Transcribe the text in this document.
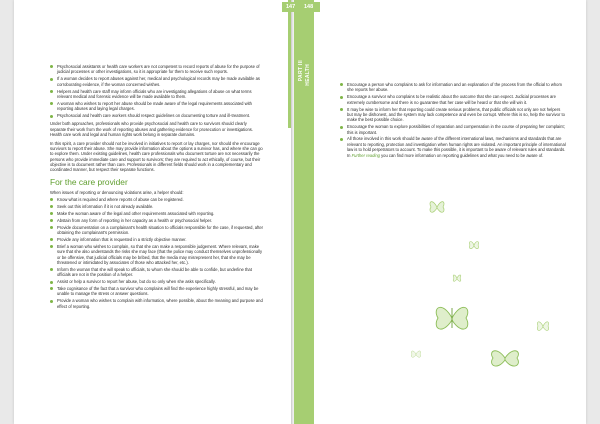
PART III HEALTH
147 148
Psychosocial assistants or health care workers are not competent to record reports of abuse for the purpose of judicial processes or other investigations, so it is appropriate for them to receive such reports.
If a woman decides to report abuses against her, medical and psychological records may be made available as corroborating evidence, if the woman concerned wishes.
Helpers and health care staff may inform officials who are investigating allegations of abuse on what terms relevant medical and forensic evidence will be made available to them.
A woman who wishes to report her abuse should be made aware of the legal requirements associated with reporting abuses and laying legal charges.
Psychosocial and health care workers should respect guidelines on documenting torture and ill-treatment.

Under both approaches, professionals who provide psychosocial and health care to survivors should clearly separate their work from the work of reporting abuses and gathering evidence for prosecution or investigations. Health care work and legal and human rights work belong in separate domains.

In this spirit, a care provider should not be involved in initiatives to report or lay charges, nor should she encourage survivors to report their abuse. She may provide information about the options a survivor has, and where she can go to explore them. Under existing guidelines, health care professionals who document torture are not necessarily the persons who provide immediate care and support to survivors; they are required to act ethically, of course, but their objective is to document rather than care. Professionals in different fields should work in a complementary and coordinated manner, but respect their separate functions.

For the care provider

When issues of reporting or denouncing violations arise, a helper should:

Know what is required and where reports of abuse can be registered.
Seek out this information if it is not already available.
Make the woman aware of the legal and other requirements associated with reporting.
Abstain from any form of reporting in her capacity as a health or psychosocial helper.
Provide documentation on a complainant's health situation to officials responsible for the case, if requested, after obtaining the complainant's permission.
Provide any information that is requested in a strictly objective manner.
Brief a woman who wishes to complain, so that she can make a responsible judgement. Where relevant, make sure that she also understands the risks she may face (that the police may conduct themselves unprofessionally or be offensive, that judicial officials may be bribed, that the media may misrepresent her, that she may be threatened or intimidated by associates of those who attacked her, etc.).
Inform the woman that she will speak to officials, to whom she should be able to confide, but underline that officials are not in the position of a helper.
Assist or help a survivor to report her abuse, but do so only when she asks specifically.
Take cognisance of the fact that a survivor who complains will find the experience highly stressful, and may be unable to manage the stress or answer questions.
Provide a woman who wishes to complain with information, where possible, about the meaning and purpose and effect of reporting.
Encourage a person who complains to ask for information and an explanation of the process from the official to whom she reports her abuse.
Encourage a survivor who complains to be realistic about the outcome that she can expect. Judicial processes are extremely cumbersome and there is no guarantee that her case will be heard or that she will win it.
It may be wise to inform her that reporting could create serious problems, that public officials not only are not helpers but may be dishonest, and the system may lack competence and even be corrupt. Where this is so, help the survivor to make the best possible choice.
Encourage the woman to explore possibilities of reparation and compensation in the course of preparing her complaint; this is important.
All those involved in this work should be aware of the different international laws, mechanisms and standards that are relevant to reporting, protection and investigation when human rights are violated. An important principle of international law is to hold perpetrators to account. To make this possible, it is important to be aware of relevant rules and standards. In Further reading you can find more information on reporting guidelines and what you need to be aware of.
